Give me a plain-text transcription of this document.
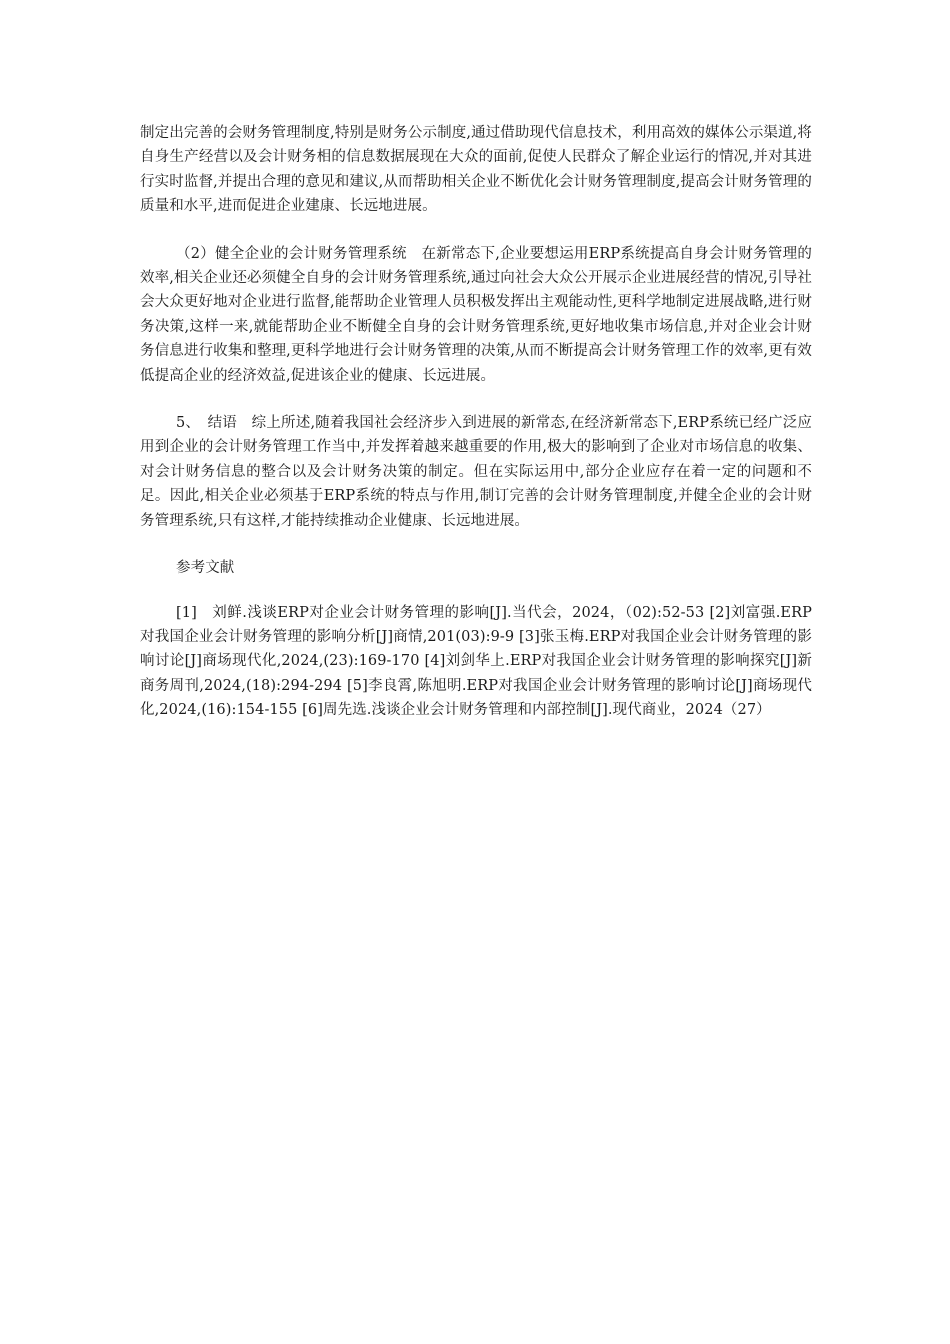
制定出完善的会财务管理制度,特别是财务公示制度,通过借助现代信息技术，利用高效的媒体公示渠道,将自身生产经营以及会计财务相的信息数据展现在大众的面前,促使人民群众了解企业运行的情况,并对其进行实时监督,并提出合理的意见和建议,从而帮助相关企业不断优化会计财务管理制度,提高会计财务管理的质量和水平,进而促进企业建康、长远地进展。

（2）健全企业的会计财务管理系统　在新常态下,企业要想运用ERP系统提高自身会计财务管理的效率,相关企业还必须健全自身的会计财务管理系统,通过向社会大众公开展示企业进展经营的情况,引导社会大众更好地对企业进行监督,能帮助企业管理人员积极发挥出主观能动性,更科学地制定进展战略,进行财务决策,这样一来,就能帮助企业不断健全自身的会计财务管理系统,更好地收集市场信息,并对企业会计财务信息进行收集和整理,更科学地进行会计财务管理的决策,从而不断提高会计财务管理工作的效率,更有效低提高企业的经济效益,促进该企业的健康、长远进展。

5、　结语　综上所述,随着我国社会经济步入到进展的新常态,在经济新常态下,ERP系统已经广泛应用到企业的会计财务管理工作当中,并发挥着越来越重要的作用,极大的影响到了企业对市场信息的收集、对会计财务信息的整合以及会计财务决策的制定。但在实际运用中,部分企业应存在着一定的问题和不足。因此,相关企业必须基于ERP系统的特点与作用,制订完善的会计财务管理制度,并健全企业的会计财务管理系统,只有这样,才能持续推动企业健康、长远地进展。

参考文献

[1]　刘鲜.浅谈ERP对企业会计财务管理的影响[J].当代会，2024，（02):52-53 [2]刘富强.ERP对我国企业会计财务管理的影响分析[J]商情,201(03):9-9 [3]张玉梅.ERP对我国企业会计财务管理的影响讨论[J]商场现代化,2024,(23):169-170 [4]刘剑华上.ERP对我国企业会计财务管理的影响探究[J]新商务周刊,2024,(18):294-294 [5]李良霄,陈旭明.ERP对我国企业会计财务管理的影响讨论[J]商场现代化,2024,(16):154-155 [6]周先选.浅谈企业会计财务管理和内部控制[J].现代商业，2024（27）
